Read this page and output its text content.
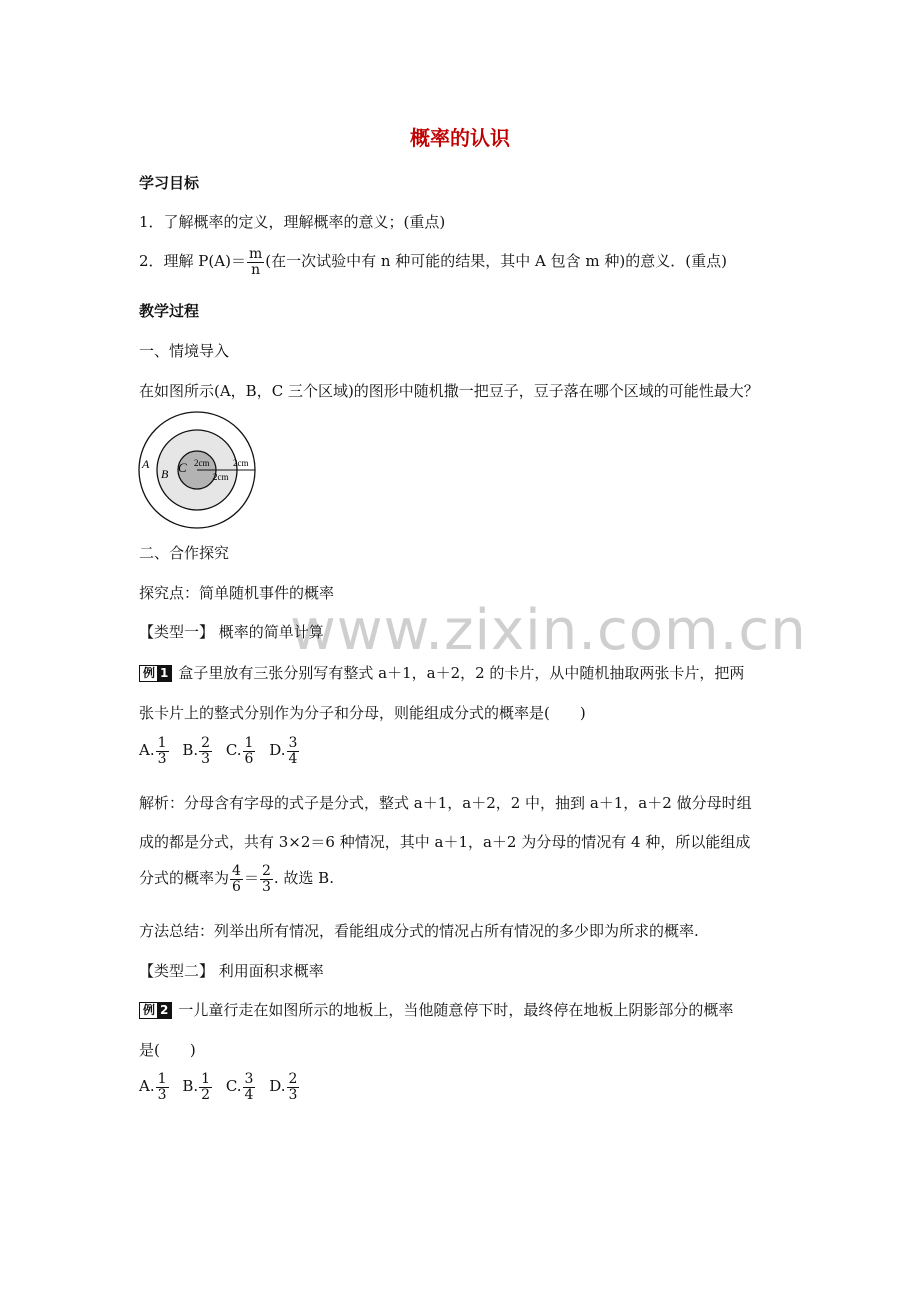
www.zixin.com.cn
概率的认识
学习目标
1．了解概率的定义，理解概率的意义；(重点)
2．理解 $P(A)= \frac{m}{n}$ (在一次试验中有 n 种可能的结果，其中 A 包含 m 种)的意义．(重点)
教学过程
一、情境导入
在如图所示(A，B，C 三个区域)的图形中随机撒一把豆子，豆子落在哪个区域的可能性最大？
A
B C 2cm
2cm
2cm
二、合作探究
探究点：简单随机事件的概率
【类型一】 概率的简单计算
例 1 盒子里放有三张分别写有整式 a＋1，a＋2，2 的卡片，从中随机抽取两张卡片，把两
张卡片上的整式分别作为分子和分母，则能组成分式的概率是(　　)
A. $\frac{1}{3} B$. $\frac{2}{3} C$. $\frac{1}{6} D$. $\frac{3}{4}$
解析：分母含有字母的式子是分式，整式 a＋1，a＋2，2 中，抽到 a＋1，a＋2 做分母时组
成的都是分式，共有 3×2＝6 种情况，其中 a＋1，a＋2 为分母的情况有 4 种，所以能组成
分式的概率为 $\frac{4}{6} = \frac{2}{3}$ . 故选 B.
方法总结：列举出所有情况，看能组成分式的情况占所有情况的多少即为所求的概率.
【类型二】 利用面积求概率
例 2 一儿童行走在如图所示的地板上，当他随意停下时，最终停在地板上阴影部分的概率
是(　　)
A. $\frac{1}{3} B$. $\frac{1}{2} C$. $\frac{3}{4} D$. $\frac{2}{3}$
